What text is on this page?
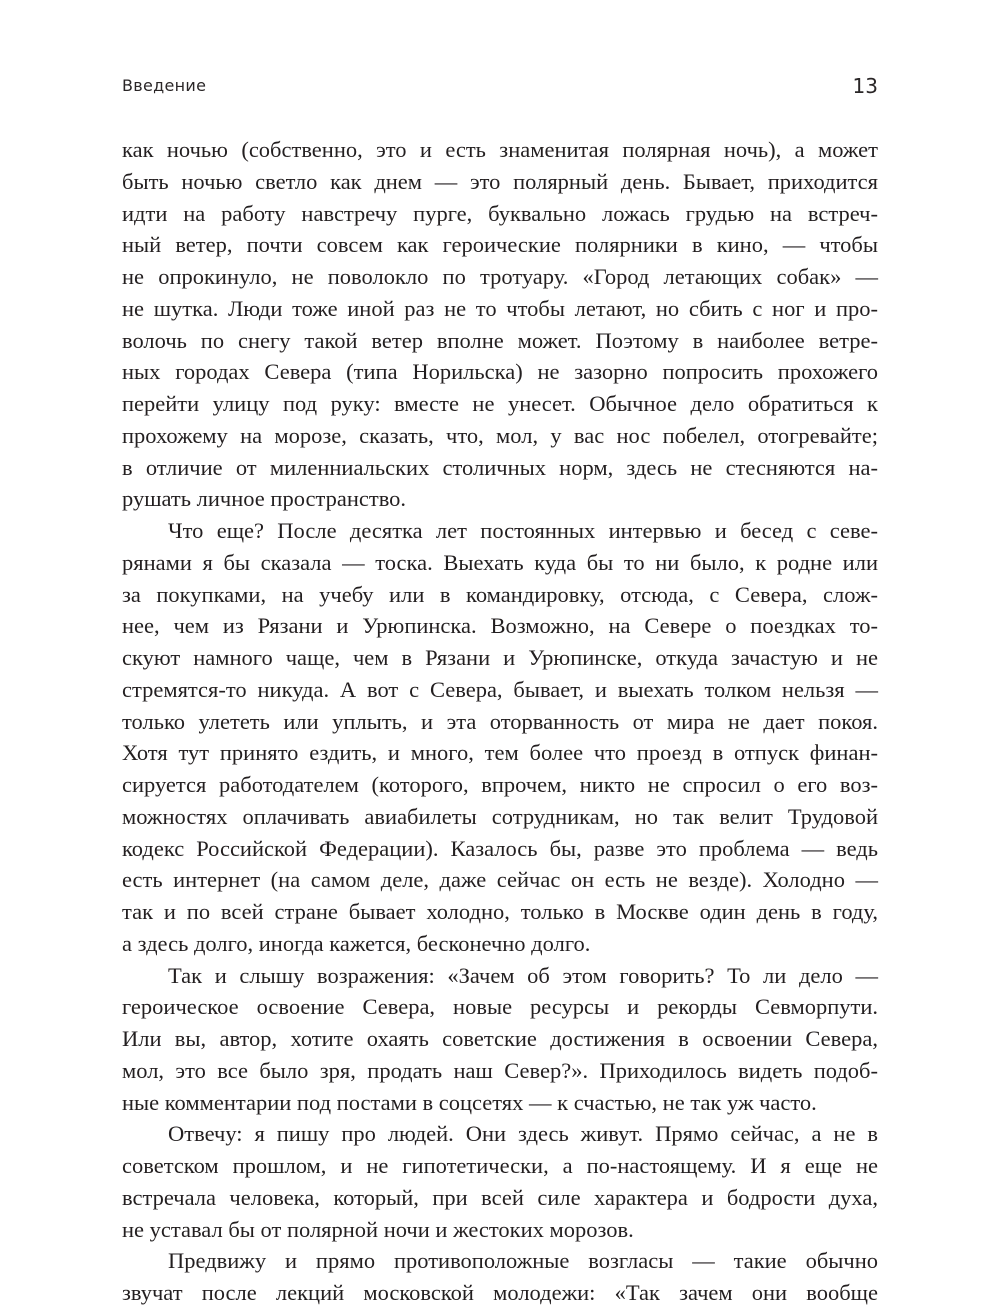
Введение	13
как ночью (собственно, это и есть знаменитая полярная ночь), а может
быть ночью светло как днем — это полярный день. Бывает, приходится
идти на работу навстречу пурге, буквально ложась грудью на встреч-
ный ветер, почти совсем как героические полярники в кино, — чтобы
не опрокинуло, не поволокло по тротуару. «Город летающих собак» —
не шутка. Люди тоже иной раз не то чтобы летают, но сбить с ног и про-
волочь по снегу такой ветер вполне может. Поэтому в наиболее ветре-
ных городах Севера (типа Норильска) не зазорно попросить прохожего
перейти улицу под руку: вместе не унесет. Обычное дело обратиться к
прохожему на морозе, сказать, что, мол, у вас нос побелел, отогревайте;
в отличие от миленниальских столичных норм, здесь не стесняются на-
рушать личное пространство.
Что еще? После десятка лет постоянных интервью и бесед с севе-
рянами я бы сказала — тоска. Выехать куда бы то ни было, к родне или
за покупками, на учебу или в командировку, отсюда, с Севера, слож-
нее, чем из Рязани и Урюпинска. Возможно, на Севере о поездках то-
скуют намного чаще, чем в Рязани и Урюпинске, откуда зачастую и не
стремятся-то никуда. А вот с Севера, бывает, и выехать толком нельзя —
только улететь или уплыть, и эта оторванность от мира не дает покоя.
Хотя тут принято ездить, и много, тем более что проезд в отпуск финан-
сируется работодателем (которого, впрочем, никто не спросил о его воз-
можностях оплачивать авиабилеты сотрудникам, но так велит Трудовой
кодекс Российской Федерации). Казалось бы, разве это проблема — ведь
есть интернет (на самом деле, даже сейчас он есть не везде). Холодно —
так и по всей стране бывает холодно, только в Москве один день в году,
а здесь долго, иногда кажется, бесконечно долго.
Так и слышу возражения: «Зачем об этом говорить? То ли дело —
героическое освоение Севера, новые ресурсы и рекорды Севморпути.
Или вы, автор, хотите охаять советские достижения в освоении Севера,
мол, это все было зря, продать наш Север?». Приходилось видеть подоб-
ные комментарии под постами в соцсетях — к счастью, не так уж часто.
Отвечу: я пишу про людей. Они здесь живут. Прямо сейчас, а не в
советском прошлом, и не гипотетически, а по-настоящему. И я еще не
встречала человека, который, при всей силе характера и бодрости духа,
не уставал бы от полярной ночи и жестоких морозов.
Предвижу и прямо противоположные возгласы — такие обычно
звучат после лекций московской молодежи: «Так зачем они вообще
